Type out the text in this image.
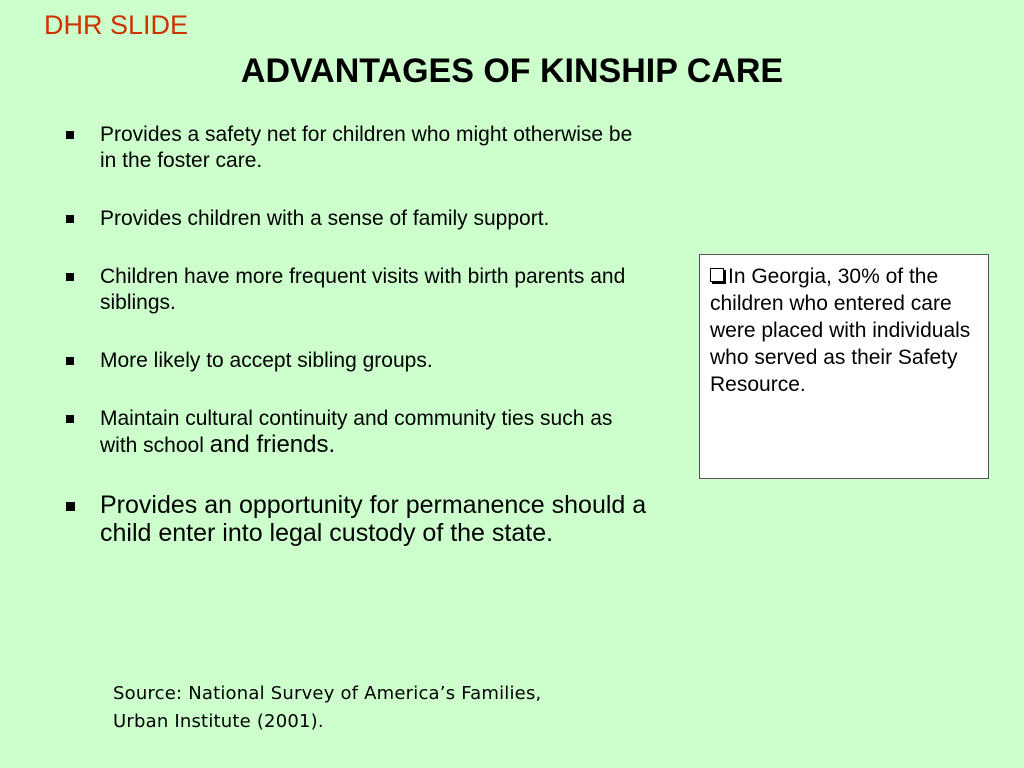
DHR SLIDE
ADVANTAGES OF KINSHIP CARE
Provides a safety net for children who might otherwise be in the foster care.
Provides children with a sense of family support.
Children have more frequent visits with birth parents and siblings.
More likely to accept sibling groups.
Maintain cultural continuity and community ties such as with school and friends.
Provides an opportunity for permanence should a child enter into legal custody of the state.
In Georgia, 30% of the children who entered care were placed with individuals who served as their Safety Resource.
Source: National Survey of America’s Families, Urban Institute (2001).
